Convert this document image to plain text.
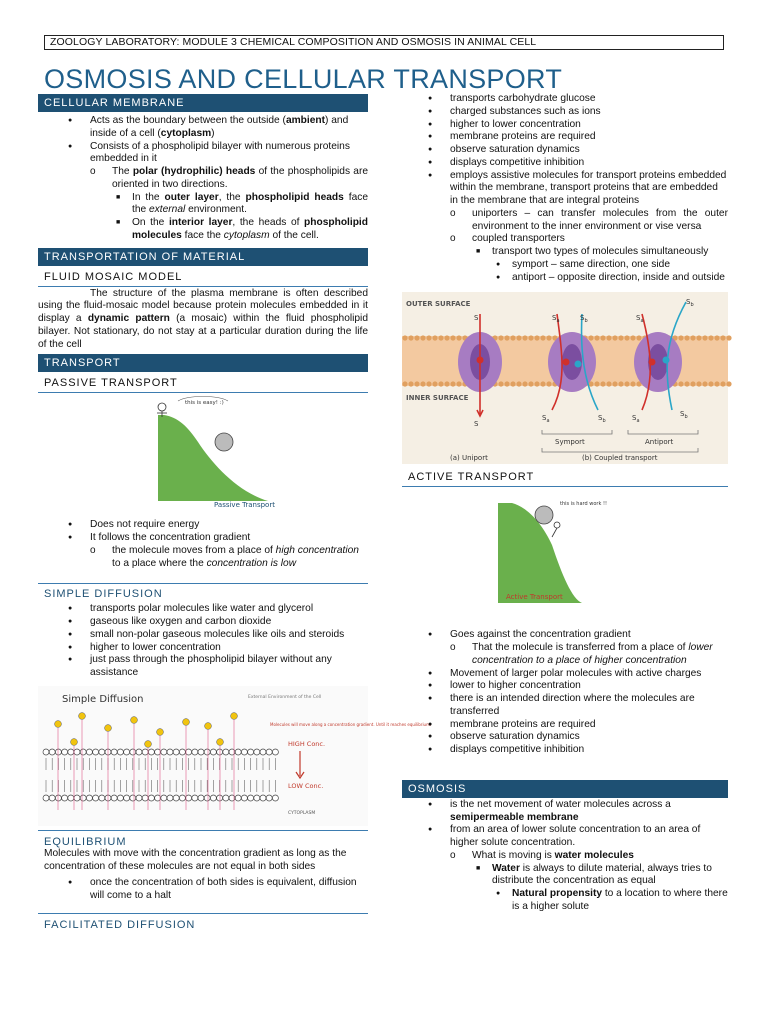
ZOOLOGY LABORATORY: MODULE 3 CHEMICAL COMPOSITION AND OSMOSIS IN ANIMAL CELL
OSMOSIS AND CELLULAR TRANSPORT
CELLULAR MEMBRANE
● Acts as the boundary between the outside (ambient) and inside of a cell (cytoplasm)
● Consists of a phospholipid bilayer with numerous proteins embedded in it
o The polar (hydrophilic) heads of the phospholipids are oriented in two directions.
■ In the outer layer, the phospholipid heads face the external environment.
■ On the interior layer, the heads of phospholipid molecules face the cytoplasm of the cell.
TRANSPORTATION OF MATERIAL
FLUID MOSAIC MODEL

The structure of the plasma membrane is often described using the fluid-mosaic model because protein molecules embedded in it display a dynamic pattern (a mosaic) within the fluid phospholipid bilayer. Not stationary, do not stay at a particular duration during the life of the cell

TRANSPORT
PASSIVE TRANSPORT
Passive Transport
this is easy! :)
● Does not require energy
● It follows the concentration gradient
o the molecule moves from a place of high concentration to a place where the concentration is low
SIMPLE DIFFUSION
● transports polar molecules like water and glycerol
● gaseous like oxygen and carbon dioxide
● small non-polar gaseous molecules like oils and steroids
● higher to lower concentration
● just pass through the phospholipid bilayer without any assistance
Simple Diffusion	External Environment of the Cell
Molecules will move along a concentration gradient. Until it reaches equilibrium.
HIGH Conc.
LOW Conc.
CYTOPLASM
EQUILIBRIUM

Molecules with move with the concentration gradient as long as the concentration of these molecules are not equal in both sides

● once the concentration of both sides is equivalent, diffusion will come to a halt
FACILITATED DIFFUSION
● transports carbohydrate glucose
● charged substances such as ions
● higher to lower concentration
● membrane proteins are required
● observe saturation dynamics
● displays competitive inhibition
● employs assistive molecules for transport proteins embedded within the membrane, transport proteins that are embedded in the membrane that are integral proteins
o uniporters – can transfer molecules from the outer environment to the inner environment or vise versa
o coupled transporters
■ transport two types of molecules simultaneously
● symport – same direction, one side
● antiport – opposite direction, inside and outside
OUTER SURFACE
INNER SURFACE
S
S
$S_a$	$S_b$
$S_a$	$S_b$
$S_a$
$S_b$
$S_a$
$S_b$
Symport	Antiport
(a) Uniport	(b) Coupled transport
ACTIVE TRANSPORT
this is hard work !!
Active Transport
● Goes against the concentration gradient
o That the molecule is transferred from a place of lower concentration to a place of higher concentration
● Movement of larger polar molecules with active charges
● lower to higher concentration
● there is an intended direction where the molecules are transferred
● membrane proteins are required
● observe saturation dynamics
● displays competitive inhibition
OSMOSIS
● is the net movement of water molecules across a semipermeable membrane
● from an area of lower solute concentration to an area of higher solute concentration.
o What is moving is water molecules
■ Water is always to dilute material, always tries to distribute the concentration as equal
● Natural propensity to a location to where there is a higher solute
